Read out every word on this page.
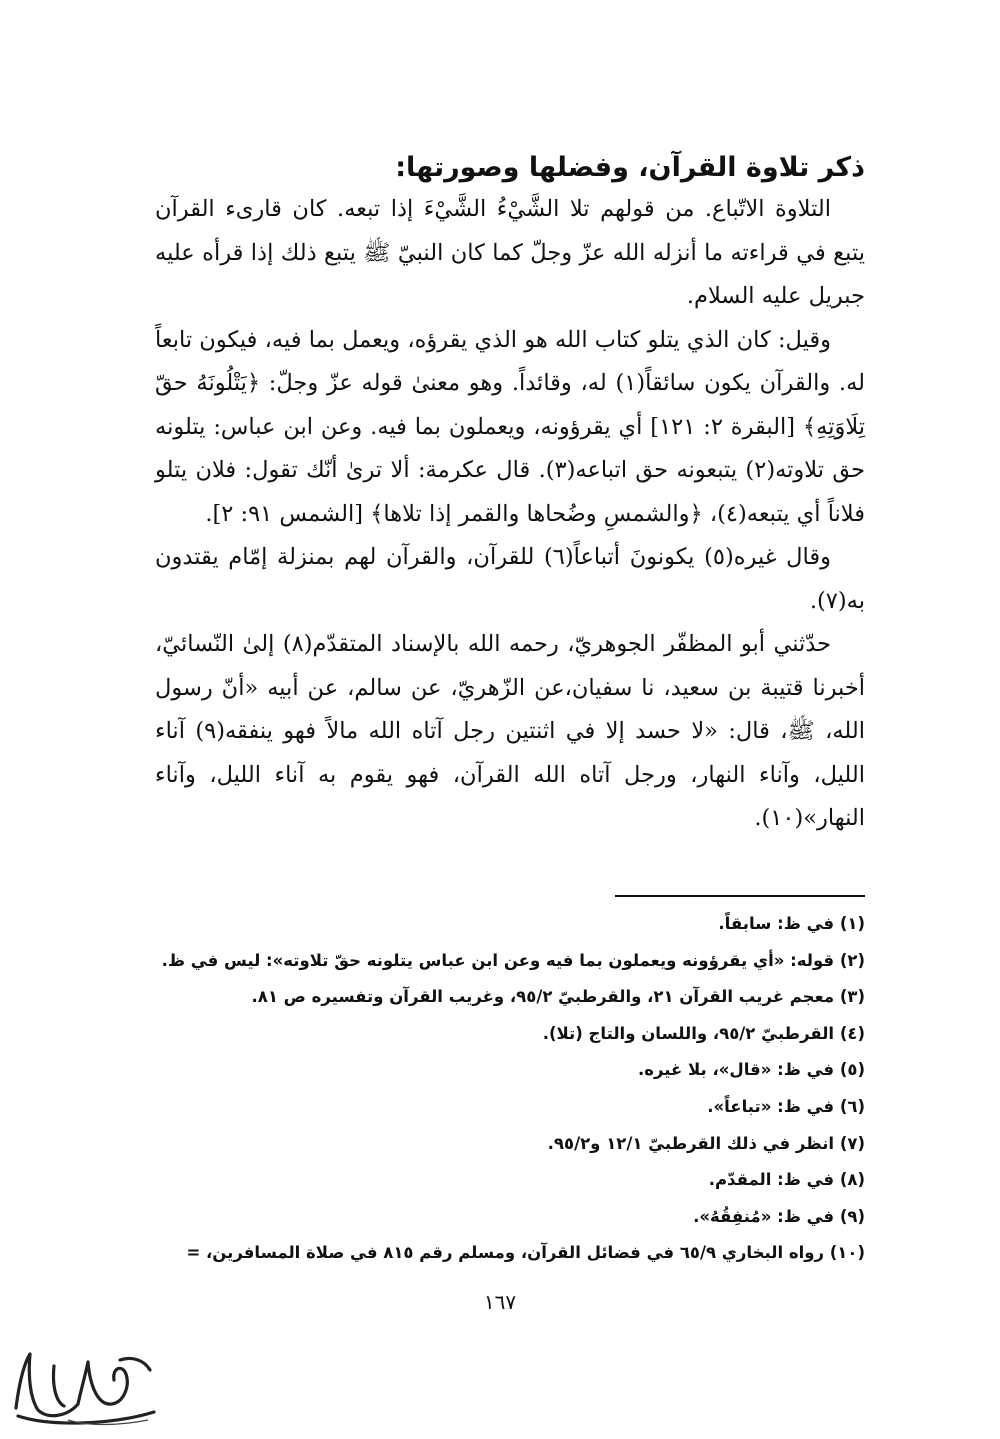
ذكر تلاوة القرآن، وفضلها وصورتها:

التلاوة الاتّباع. من قولهم تلا الشَّيْءُ الشَّيْءَ إذا تبعه. كان قارىء القرآن يتبع في قراءته ما أنزله الله عزّ وجلّ كما كان النبيّ ﷺ يتبع ذلك إذا قرأه عليه جبريل عليه السلام.

وقيل: كان الذي يتلو كتاب الله هو الذي يقرؤه، ويعمل بما فيه، فيكون تابعاً له. والقرآن يكون سائقاً(١) له، وقائداً. وهو معنىٰ قوله عزّ وجلّ: ﴿يَتْلُونَهُ حقّ تِلَاوَتِهِ﴾ [البقرة ٢: ١٢١] أي يقرؤونه، ويعملون بما فيه. وعن ابن عباس: يتلونه حق تلاوته(٢) يتبعونه حق اتباعه(٣). قال عكرمة: ألا ترىٰ أنّك تقول: فلان يتلو فلاناً أي يتبعه(٤)، ﴿والشمسِ وضُحاها والقمر إذا تلاها﴾ [الشمس ٩١: ٢].

وقال غيره(٥) يكونونَ أتباعاً(٦) للقرآن، والقرآن لهم بمنزلة إمّام يقتدون به(٧).

حدّثني أبو المظفّر الجوهريّ، رحمه الله بالإسناد المتقدّم(٨) إلىٰ النّسائيّ، أخبرنا قتيبة بن سعيد، نا سفيان،عن الزّهريّ، عن سالم، عن أبيه «أنّ رسول الله، ﷺ، قال: «لا حسد إلا في اثنتين رجل آتاه الله مالاً فهو ينفقه(٩) آناء الليل، وآناء النهار، ورجل آتاه الله القرآن، فهو يقوم به آناء الليل، وآناء النهار»(١٠).

(١) في ظ: سابقاً.

(٢) قوله: «أي يقرؤونه ويعملون بما فيه وعن ابن عباس يتلونه حقّ تلاوته»: ليس في ظ.

(٣) معجم غريب القرآن ٢١، والقرطبيّ ٩٥/٢، وغريب القرآن وتفسيره ص ٨١.

(٤) القرطبيّ ٩٥/٢، واللسان والتاج (تلا).

(٥) في ظ: «قال»، بلا غيره.

(٦) في ظ: «تباعاً».

(٧) انظر في ذلك القرطبيّ ١٢/١ و٩٥/٢.

(٨) في ظ: المقدّم.

(٩) في ظ: «مُنفِقُهُ».

(١٠) رواه البخاري ٦٥/٩ في فضائل القرآن، ومسلم رقم ٨١٥ في صلاة المسافرين، =

١٦٧
